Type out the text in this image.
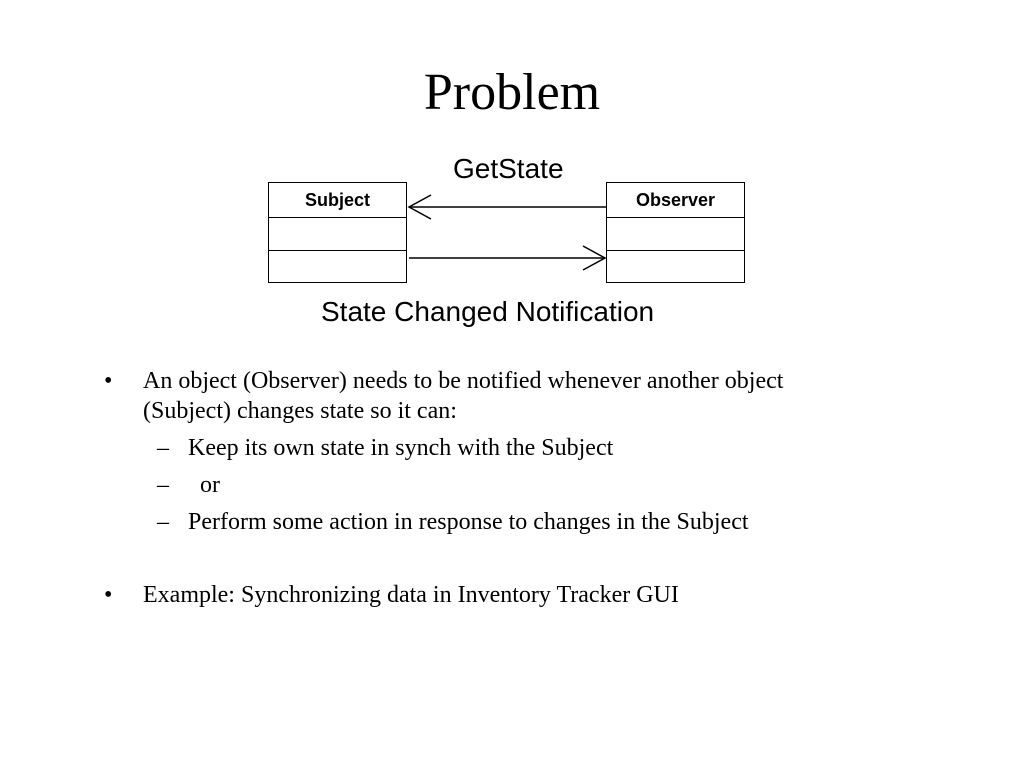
Problem
GetState
Subject	Observer
State Changed Notification
• An object (Observer) needs to be notified whenever another object
(Subject) changes state so it can:
– Keep its own state in synch with the Subject
– or
– Perform some action in response to changes in the Subject
• Example: Synchronizing data in Inventory Tracker GUI
